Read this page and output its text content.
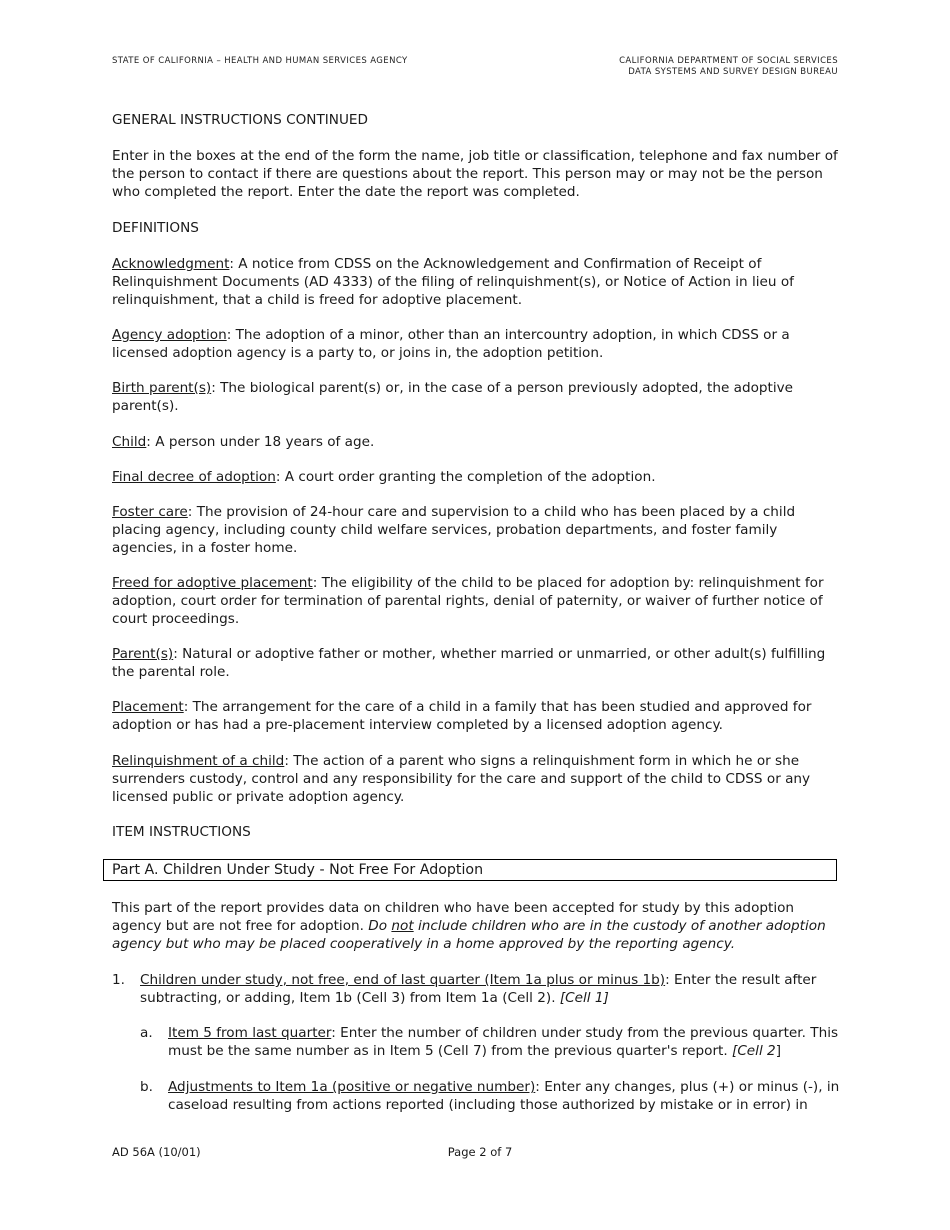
STATE OF CALIFORNIA – HEALTH AND HUMAN SERVICES AGENCY	CALIFORNIA DEPARTMENT OF SOCIAL SERVICES
DATA SYSTEMS AND SURVEY DESIGN BUREAU

GENERAL INSTRUCTIONS CONTINUED

Enter in the boxes at the end of the form the name, job title or classification, telephone and fax number of the person to contact if there are questions about the report. This person may or may not be the person who completed the report. Enter the date the report was completed.

DEFINITIONS

Acknowledgment: A notice from CDSS on the Acknowledgement and Confirmation of Receipt of Relinquishment Documents (AD 4333) of the filing of relinquishment(s), or Notice of Action in lieu of relinquishment, that a child is freed for adoptive placement.

Agency adoption: The adoption of a minor, other than an intercountry adoption, in which CDSS or a licensed adoption agency is a party to, or joins in, the adoption petition.

Birth parent(s): The biological parent(s) or, in the case of a person previously adopted, the adoptive parent(s).

Child: A person under 18 years of age.

Final decree of adoption: A court order granting the completion of the adoption.

Foster care: The provision of 24-hour care and supervision to a child who has been placed by a child placing agency, including county child welfare services, probation departments, and foster family agencies, in a foster home.

Freed for adoptive placement: The eligibility of the child to be placed for adoption by: relinquishment for adoption, court order for termination of parental rights, denial of paternity, or waiver of further notice of court proceedings.

Parent(s): Natural or adoptive father or mother, whether married or unmarried, or other adult(s) fulfilling the parental role.

Placement: The arrangement for the care of a child in a family that has been studied and approved for adoption or has had a pre-placement interview completed by a licensed adoption agency.

Relinquishment of a child: The action of a parent who signs a relinquishment form in which he or she surrenders custody, control and any responsibility for the care and support of the child to CDSS or any licensed public or private adoption agency.

ITEM INSTRUCTIONS

Part A. Children Under Study - Not Free For Adoption

This part of the report provides data on children who have been accepted for study by this adoption agency but are not free for adoption. Do not include children who are in the custody of another adoption agency but who may be placed cooperatively in a home approved by the reporting agency.

1. Children under study, not free, end of last quarter (Item 1a plus or minus 1b): Enter the result after subtracting, or adding, Item 1b (Cell 3) from Item 1a (Cell 2). [Cell 1]
a. Item 5 from last quarter: Enter the number of children under study from the previous quarter. This must be the same number as in Item 5 (Cell 7) from the previous quarter's report. [Cell 2]
b. Adjustments to Item 1a (positive or negative number): Enter any changes, plus (+) or minus (-), in caseload resulting from actions reported (including those authorized by mistake or in error) in
AD 56A (10/01)	Page 2 of 7
